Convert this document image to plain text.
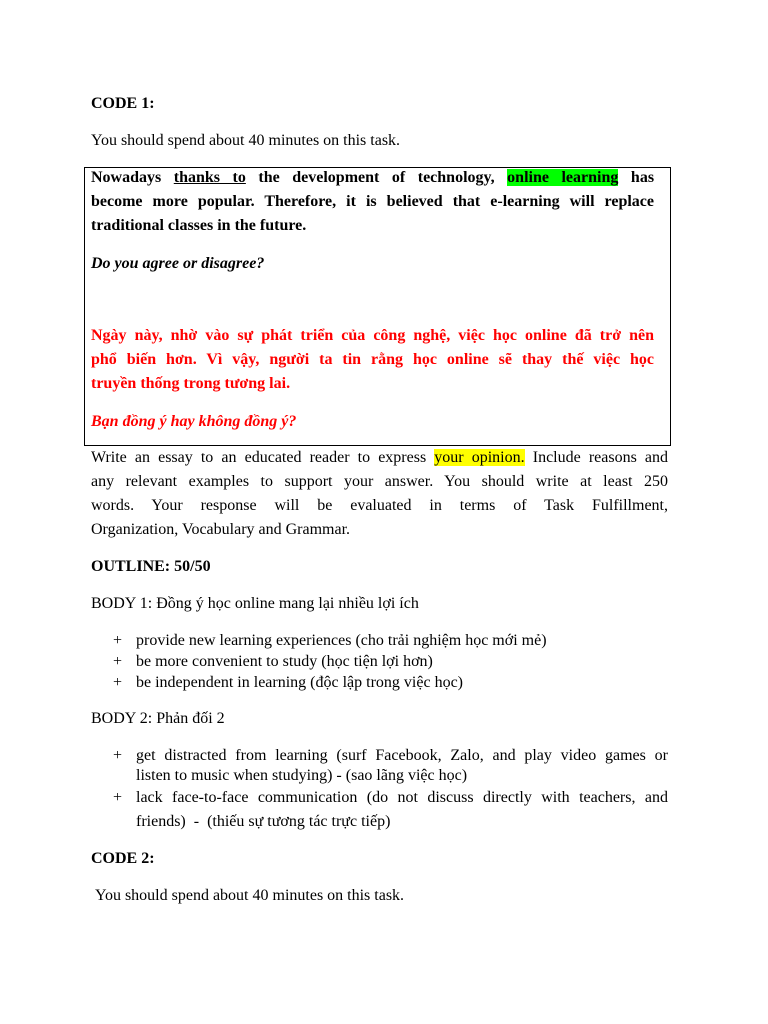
CODE 1:
You should spend about 40 minutes on this task.
Nowadays thanks to the development of technology, online learning has
become more popular. Therefore, it is believed that e-learning will replace
traditional classes in the future.
Do you agree or disagree?
Ngày này, nhờ vào sự phát triển của công nghệ, việc học online đã trở nên
phổ biến hơn. Vì vậy, người ta tin rằng học online sẽ thay thế việc học
truyền thống trong tương lai.
Bạn đồng ý hay không đồng ý?
Write an essay to an educated reader to express your opinion. Include reasons and
any relevant examples to support your answer. You should write at least 250
words. Your response will be evaluated in terms of Task Fulfillment,
Organization, Vocabulary and Grammar.
OUTLINE: 50/50
BODY 1: Đồng ý học online mang lại nhiều lợi ích
+ provide new learning experiences (cho trải nghiệm học mới mẻ)
+ be more convenient to study (học tiện lợi hơn)
+ be independent in learning (độc lập trong việc học)
BODY 2: Phản đối 2
+ get distracted from learning (surf Facebook, Zalo, and play video games or
listen to music when studying) - (sao lãng việc học)
+ lack face-to-face communication (do not discuss directly with teachers, and
friends)  -  (thiếu sự tương tác trực tiếp)
CODE 2:
You should spend about 40 minutes on this task.
